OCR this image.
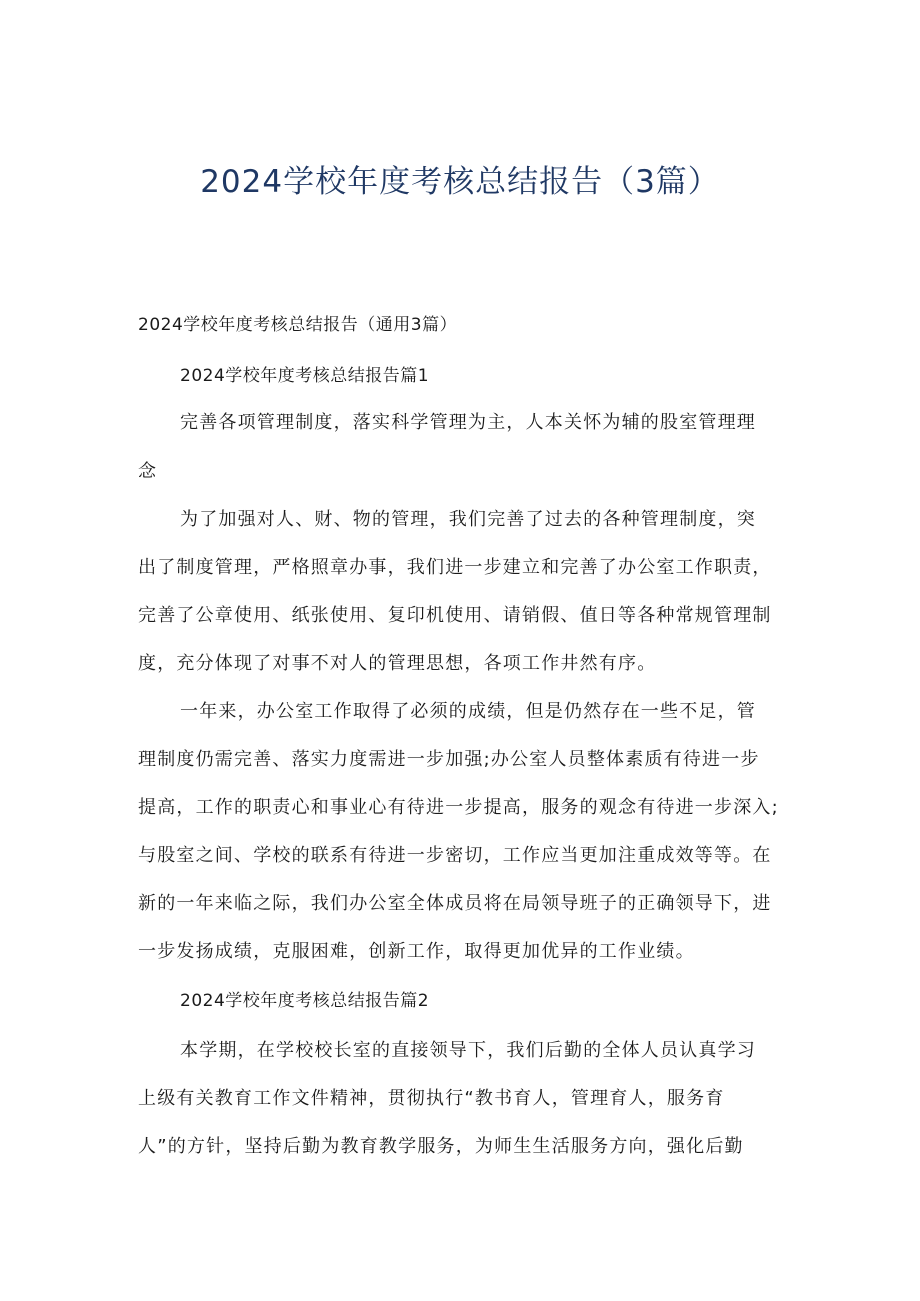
2024学校年度考核总结报告（3篇）
2024学校年度考核总结报告（通用3篇）
2024学校年度考核总结报告篇1
完善各项管理制度，落实科学管理为主，人本关怀为辅的股室管理理
念
为了加强对人、财、物的管理，我们完善了过去的各种管理制度，突
出了制度管理，严格照章办事，我们进一步建立和完善了办公室工作职责，
完善了公章使用、纸张使用、复印机使用、请销假、值日等各种常规管理制
度，充分体现了对事不对人的管理思想，各项工作井然有序。
一年来，办公室工作取得了必须的成绩，但是仍然存在一些不足，管
理制度仍需完善、落实力度需进一步加强;办公室人员整体素质有待进一步
提高，工作的职责心和事业心有待进一步提高，服务的观念有待进一步深入;
与股室之间、学校的联系有待进一步密切，工作应当更加注重成效等等。在
新的一年来临之际，我们办公室全体成员将在局领导班子的正确领导下，进
一步发扬成绩，克服困难，创新工作，取得更加优异的工作业绩。
2024学校年度考核总结报告篇2
本学期，在学校校长室的直接领导下，我们后勤的全体人员认真学习
上级有关教育工作文件精神，贯彻执行“教书育人，管理育人，服务育
人”的方针，坚持后勤为教育教学服务，为师生生活服务方向，强化后勤
